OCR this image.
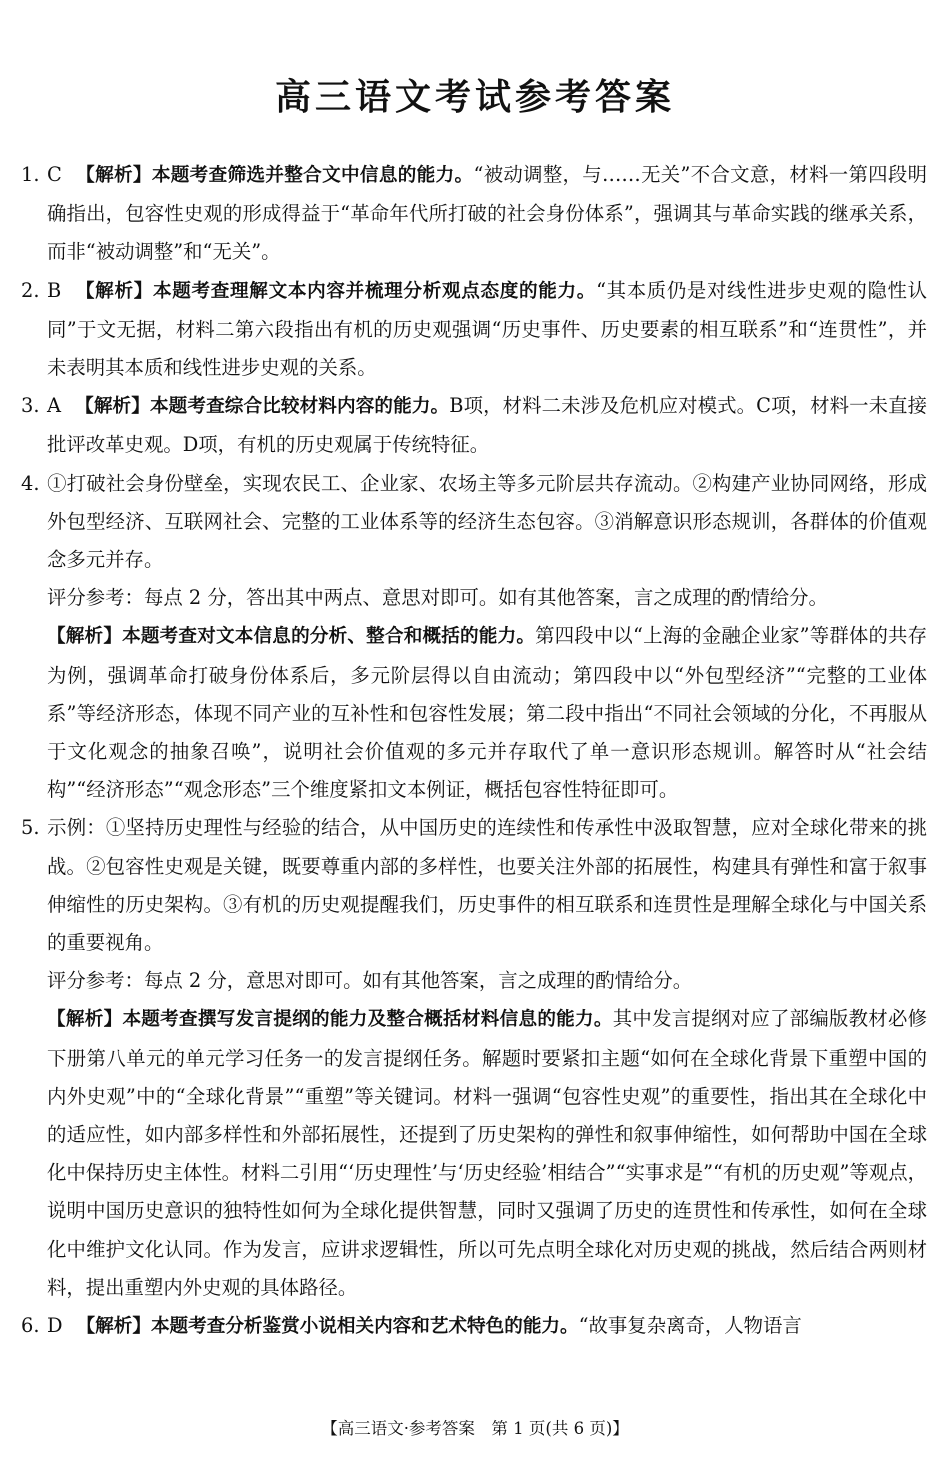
高三语文考试参考答案

1. C 【解析】本题考查筛选并整合文中信息的能力。“被动调整，与……无关”不合文意，材料一第四段明确指出，包容性史观的形成得益于“革命年代所打破的社会身份体系”，强调其与革命实践的继承关系，而非“被动调整”和“无关”。

2. B 【解析】本题考查理解文本内容并梳理分析观点态度的能力。“其本质仍是对线性进步史观的隐性认同”于文无据，材料二第六段指出有机的历史观强调“历史事件、历史要素的相互联系”和“连贯性”，并未表明其本质和线性进步史观的关系。

3. A 【解析】本题考查综合比较材料内容的能力。B项，材料二未涉及危机应对模式。C项，材料一未直接批评改革史观。D项，有机的历史观属于传统特征。

4. ①打破社会身份壁垒，实现农民工、企业家、农场主等多元阶层共存流动。②构建产业协同网络，形成外包型经济、互联网社会、完整的工业体系等的经济生态包容。③消解意识形态规训，各群体的价值观念多元并存。

评分参考：每点 2 分，答出其中两点、意思对即可。如有其他答案，言之成理的酌情给分。

【解析】本题考查对文本信息的分析、整合和概括的能力。第四段中以“上海的金融企业家”等群体的共存为例，强调革命打破身份体系后，多元阶层得以自由流动；第四段中以“外包型经济”“完整的工业体系”等经济形态，体现不同产业的互补性和包容性发展；第二段中指出“不同社会领域的分化，不再服从于文化观念的抽象召唤”，说明社会价值观的多元并存取代了单一意识形态规训。解答时从“社会结构”“经济形态”“观念形态”三个维度紧扣文本例证，概括包容性特征即可。

5. 示例：①坚持历史理性与经验的结合，从中国历史的连续性和传承性中汲取智慧，应对全球化带来的挑战。②包容性史观是关键，既要尊重内部的多样性，也要关注外部的拓展性，构建具有弹性和富于叙事伸缩性的历史架构。③有机的历史观提醒我们，历史事件的相互联系和连贯性是理解全球化与中国关系的重要视角。

评分参考：每点 2 分，意思对即可。如有其他答案，言之成理的酌情给分。

【解析】本题考查撰写发言提纲的能力及整合概括材料信息的能力。其中发言提纲对应了部编版教材必修下册第八单元的单元学习任务一的发言提纲任务。解题时要紧扣主题“如何在全球化背景下重塑中国的内外史观”中的“全球化背景”“重塑”等关键词。材料一强调“包容性史观”的重要性，指出其在全球化中的适应性，如内部多样性和外部拓展性，还提到了历史架构的弹性和叙事伸缩性，如何帮助中国在全球化中保持历史主体性。材料二引用“‘历史理性’与‘历史经验’相结合”“实事求是”“有机的历史观”等观点，说明中国历史意识的独特性如何为全球化提供智慧，同时又强调了历史的连贯性和传承性，如何在全球化中维护文化认同。作为发言，应讲求逻辑性，所以可先点明全球化对历史观的挑战，然后结合两则材料，提出重塑内外史观的具体路径。

6. D 【解析】本题考查分析鉴赏小说相关内容和艺术特色的能力。“故事复杂离奇，人物语言

【高三语文·参考答案　第 1 页(共 6 页)】
